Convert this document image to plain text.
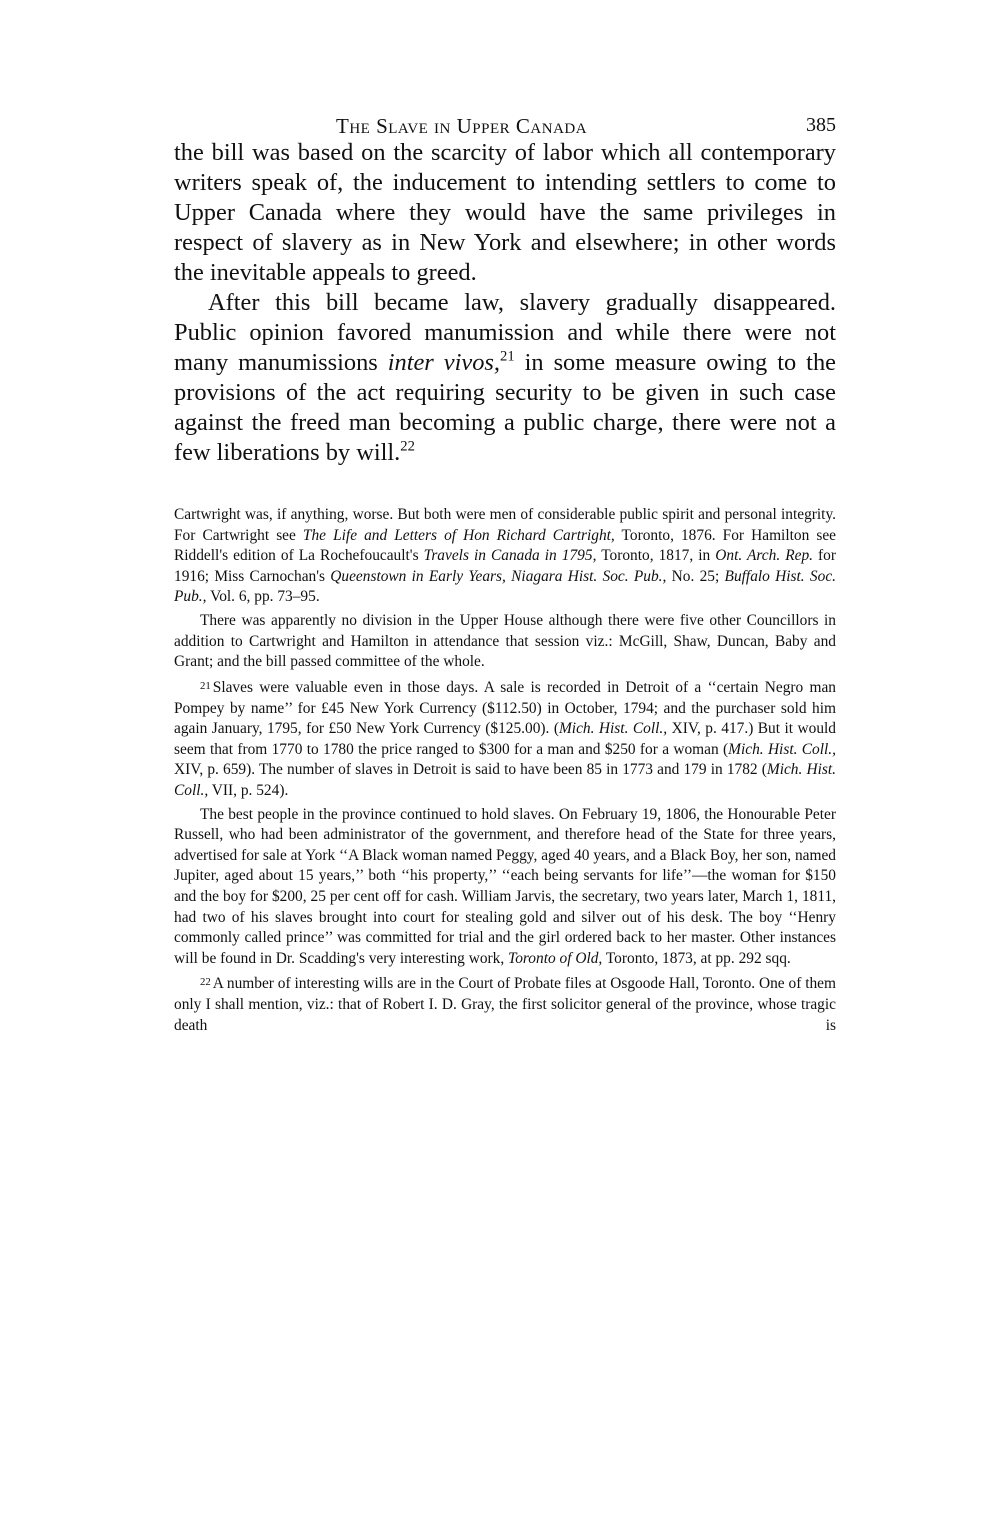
The Slave in Upper Canada	385

the bill was based on the scarcity of labor which all contemporary writers speak of, the inducement to intending settlers to come to Upper Canada where they would have the same privileges in respect of slavery as in New York and elsewhere; in other words the inevitable appeals to greed.

After this bill became law, slavery gradually disappeared. Public opinion favored manumission and while there were not many manumissions inter vivos,$^{21}$ in some measure owing to the provisions of the act requiring security to be given in such case against the freed man becoming a public charge, there were not a few liberations by will.$^{22}$

Cartwright was, if anything, worse. But both were men of considerable public spirit and personal integrity. For Cartwright see The Life and Letters of Hon Richard Cartright, Toronto, 1876. For Hamilton see Riddell's edition of La Rochefoucault's Travels in Canada in 1795, Toronto, 1817, in Ont. Arch. Rep. for 1916; Miss Carnochan's Queenstown in Early Years, Niagara Hist. Soc. Pub., No. 25; Buffalo Hist. Soc. Pub., Vol. 6, pp. 73–95.

There was apparently no division in the Upper House although there were five other Councillors in addition to Cartwright and Hamilton in attendance that session viz.: McGill, Shaw, Duncan, Baby and Grant; and the bill passed committee of the whole.

$^{21}$ Slaves were valuable even in those days. A sale is recorded in Detroit of a ‘‘certain Negro man Pompey by name’’ for £45 New York Currency ($112.50) in October, 1794; and the purchaser sold him again January, 1795, for £50 New York Currency ($125.00). (Mich. Hist. Coll., XIV, p. 417.) But it would seem that from 1770 to 1780 the price ranged to $300 for a man and $250 for a woman (Mich. Hist. Coll., XIV, p. 659). The number of slaves in Detroit is said to have been 85 in 1773 and 179 in 1782 (Mich. Hist. Coll., VII, p. 524).

The best people in the province continued to hold slaves. On February 19, 1806, the Honourable Peter Russell, who had been administrator of the government, and therefore head of the State for three years, advertised for sale at York ‘‘A Black woman named Peggy, aged 40 years, and a Black Boy, her son, named Jupiter, aged about 15 years,’’ both ‘‘his property,’’ ‘‘each being servants for life’’—the woman for $150 and the boy for $200, 25 per cent off for cash. William Jarvis, the secretary, two years later, March 1, 1811, had two of his slaves brought into court for stealing gold and silver out of his desk. The boy ‘‘Henry commonly called prince’’ was committed for trial and the girl ordered back to her master. Other instances will be found in Dr. Scadding's very interesting work, Toronto of Old, Toronto, 1873, at pp. 292 sqq.

$^{22}$ A number of interesting wills are in the Court of Probate files at Osgoode Hall, Toronto. One of them only I shall mention, viz.: that of Robert I. D. Gray, the first solicitor general of the province, whose tragic death is
